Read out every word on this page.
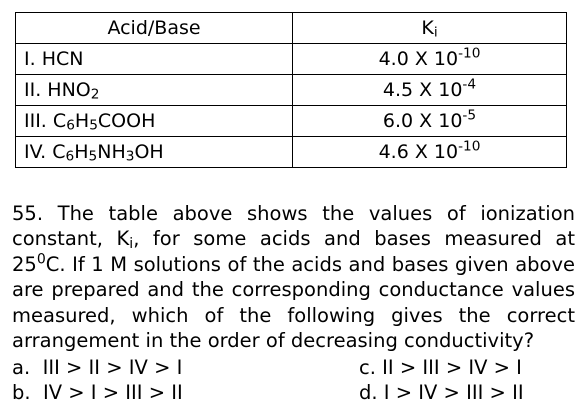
Acid/Base	$K_i$
I. HCN	4.0 X $10^{-10}$
II. $HNO_2$	4.5 X $10^{-4}$
III. $C_6H_5COOH$	6.0 X $10^{-5}$
IV. $C_6H_5NH_3OH$	4.6 X $10^{-10}$

55. The table above shows the values of ionization constant, $K_i$, for some acids and bases measured at $25^0C$. If 1 M solutions of the acids and bases given above are prepared and the corresponding conductance values measured, which of the following gives the correct arrangement in the order of decreasing conductivity?

a. III > II > IV > I	c. II > III > IV > I
b. IV > I > III > II	d. I > IV > III > II
